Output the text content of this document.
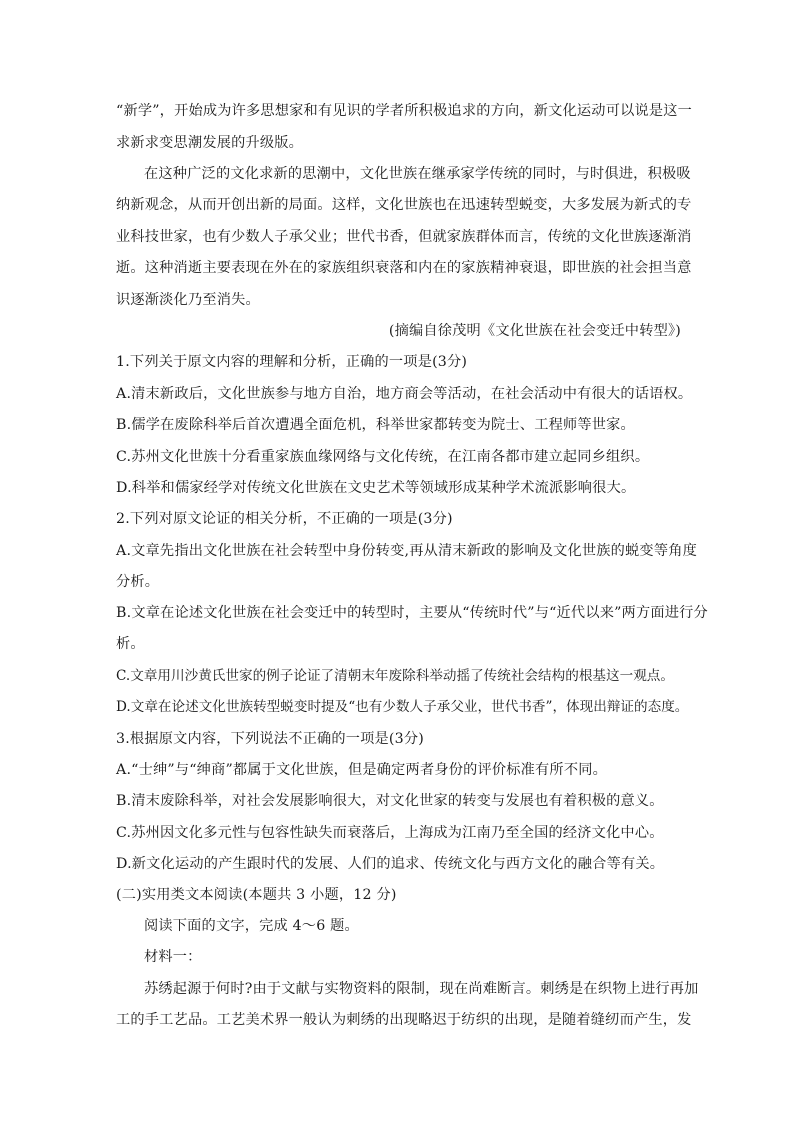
“新学”，开始成为许多思想家和有见识的学者所积极追求的方向，新文化运动可以说是这一
求新求变思潮发展的升级版。
在这种广泛的文化求新的思潮中，文化世族在继承家学传统的同时，与时俱进，积极吸
纳新观念，从而开创出新的局面。这样，文化世族也在迅速转型蜕变，大多发展为新式的专
业科技世家，也有少数人子承父业；世代书香，但就家族群体而言，传统的文化世族逐渐消
逝。这种消逝主要表现在外在的家族组织衰落和内在的家族精神衰退，即世族的社会担当意
识逐渐淡化乃至消失。
(摘编自徐茂明《文化世族在社会变迁中转型》)
1.下列关于原文内容的理解和分析，正确的一项是(3分)
A.清末新政后，文化世族参与地方自治，地方商会等活动，在社会活动中有很大的话语权。
B.儒学在废除科举后首次遭遇全面危机，科举世家都转变为院士、工程师等世家。
C.苏州文化世族十分看重家族血缘网络与文化传统，在江南各都市建立起同乡组织。
D.科举和儒家经学对传统文化世族在文史艺术等领域形成某种学术流派影响很大。
2.下列对原文论证的相关分析，不正确的一项是(3分)
A.文章先指出文化世族在社会转型中身份转变,再从清末新政的影响及文化世族的蜕变等角度
分析。
B.文章在论述文化世族在社会变迁中的转型时，主要从“传统时代”与“近代以来”两方面进行分
析。
C.文章用川沙黄氏世家的例子论证了清朝末年废除科举动摇了传统社会结构的根基这一观点。
D.文章在论述文化世族转型蜕变时提及“也有少数人子承父业，世代书香”，体现出辩证的态度。
3.根据原文内容，下列说法不正确的一项是(3分)
A.“士绅”与“绅商”都属于文化世族，但是确定两者身份的评价标准有所不同。
B.清末废除科举，对社会发展影响很大，对文化世家的转变与发展也有着积极的意义。
C.苏州因文化多元性与包容性缺失而衰落后，上海成为江南乃至全国的经济文化中心。
D.新文化运动的产生跟时代的发展、人们的追求、传统文化与西方文化的融合等有关。
(二)实用类文本阅读(本题共 3 小题，12 分)
阅读下面的文字，完成 4～6 题。
材料一：
苏绣起源于何时?由于文献与实物资料的限制，现在尚难断言。刺绣是在织物上进行再加
工的手工艺品。工艺美术界一般认为刺绣的出现略迟于纺织的出现，是随着缝纫而产生，发
